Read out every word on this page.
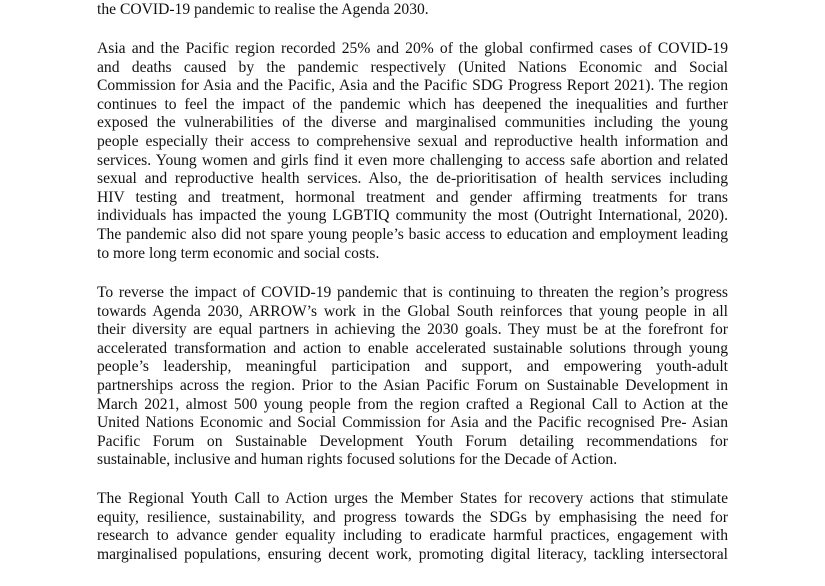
the COVID-19 pandemic to realise the Agenda 2030.
Asia and the Pacific region recorded 25% and 20% of the global confirmed cases of COVID-19
and deaths caused by the pandemic respectively (United Nations Economic and Social
Commission for Asia and the Pacific, Asia and the Pacific SDG Progress Report 2021). The region
continues to feel the impact of the pandemic which has deepened the inequalities and further
exposed the vulnerabilities of the diverse and marginalised communities including the young
people especially their access to comprehensive sexual and reproductive health information and
services. Young women and girls find it even more challenging to access safe abortion and related
sexual and reproductive health services. Also, the de-prioritisation of health services including
HIV testing and treatment, hormonal treatment and gender affirming treatments for trans
individuals has impacted the young LGBTIQ community the most (Outright International, 2020).
The pandemic also did not spare young people’s basic access to education and employment leading
to more long term economic and social costs.
To reverse the impact of COVID-19 pandemic that is continuing to threaten the region’s progress
towards Agenda 2030, ARROW’s work in the Global South reinforces that young people in all
their diversity are equal partners in achieving the 2030 goals. They must be at the forefront for
accelerated transformation and action to enable accelerated sustainable solutions through young
people’s leadership, meaningful participation and support, and empowering youth-adult
partnerships across the region. Prior to the Asian Pacific Forum on Sustainable Development in
March 2021, almost 500 young people from the region crafted a Regional Call to Action at the
United Nations Economic and Social Commission for Asia and the Pacific recognised Pre- Asian
Pacific Forum on Sustainable Development Youth Forum detailing recommendations for
sustainable, inclusive and human rights focused solutions for the Decade of Action.
The Regional Youth Call to Action urges the Member States for recovery actions that stimulate
equity, resilience, sustainability, and progress towards the SDGs by emphasising the need for
research to advance gender equality including to eradicate harmful practices, engagement with
marginalised populations, ensuring decent work, promoting digital literacy, tackling intersectoral
